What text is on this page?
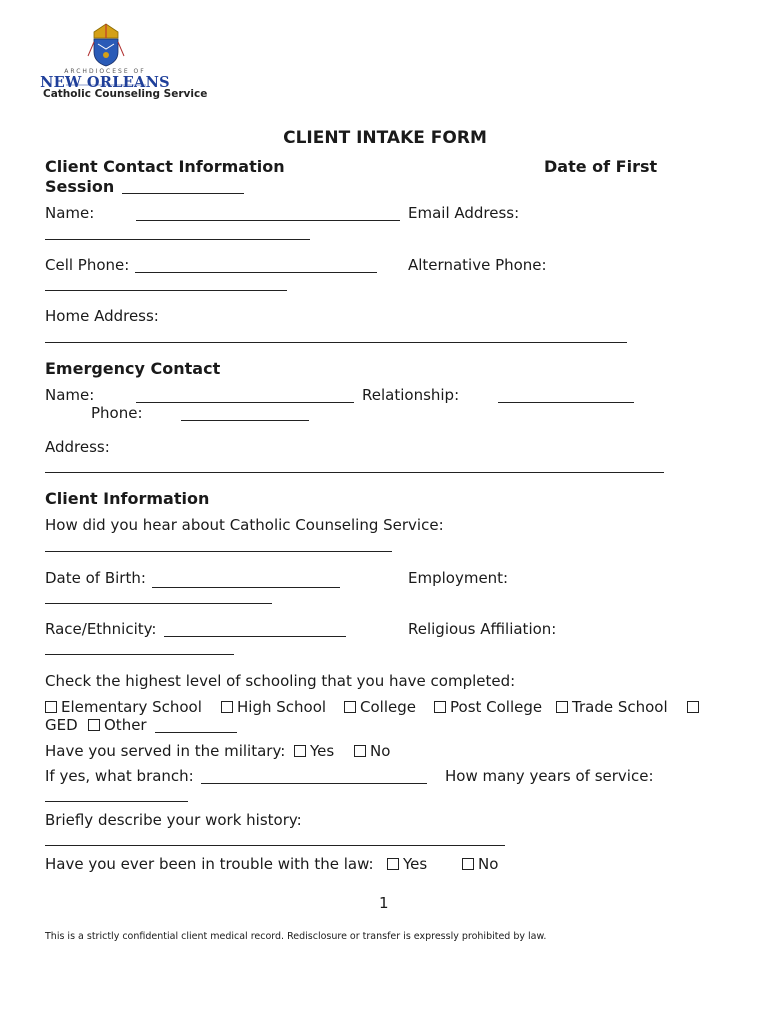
ARCHDIOCESE OF
NEW ORLEANS
Catholic Counseling Service
CLIENT INTAKE FORM
Client Contact Information	Date of First
Session
Name:	Email Address:
Cell Phone:	Alternative Phone:
Home Address:
Emergency Contact
Name:	Relationship:
Phone:
Address:
Client Information
How did you hear about Catholic Counseling Service:
Date of Birth:	Employment:
Race/Ethnicity:	Religious Affiliation:
Check the highest level of schooling that you have completed:
Elementary School	High School	College	Post College	Trade School
GED	Other
Have you served in the military:	Yes	No
If yes, what branch:	How many years of service:
Briefly describe your work history:
Have you ever been in trouble with the law:	Yes	No
1
This is a strictly confidential client medical record. Redisclosure or transfer is expressly prohibited by law.
